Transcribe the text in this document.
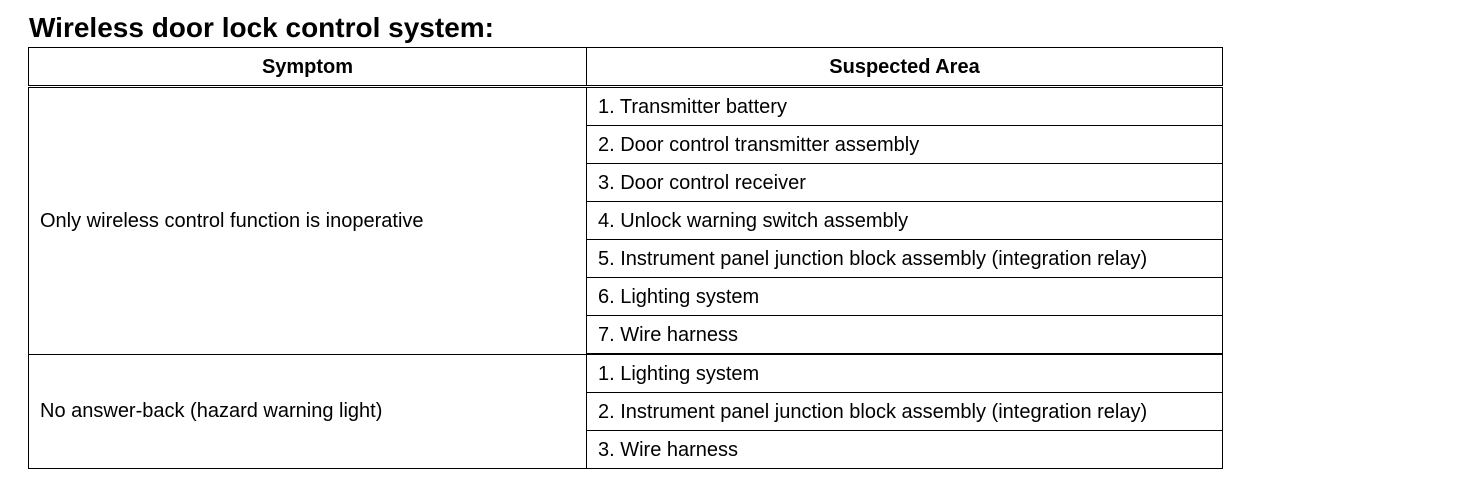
Wireless door lock control system:
Symptom	Suspected Area
Only wireless control function is inoperative	1. Transmitter battery
	2. Door control transmitter assembly
	3. Door control receiver
	4. Unlock warning switch assembly
	5. Instrument panel junction block assembly (integration relay)
	6. Lighting system
	7. Wire harness
No answer-back (hazard warning light)	1. Lighting system
	2. Instrument panel junction block assembly (integration relay)
	3. Wire harness
